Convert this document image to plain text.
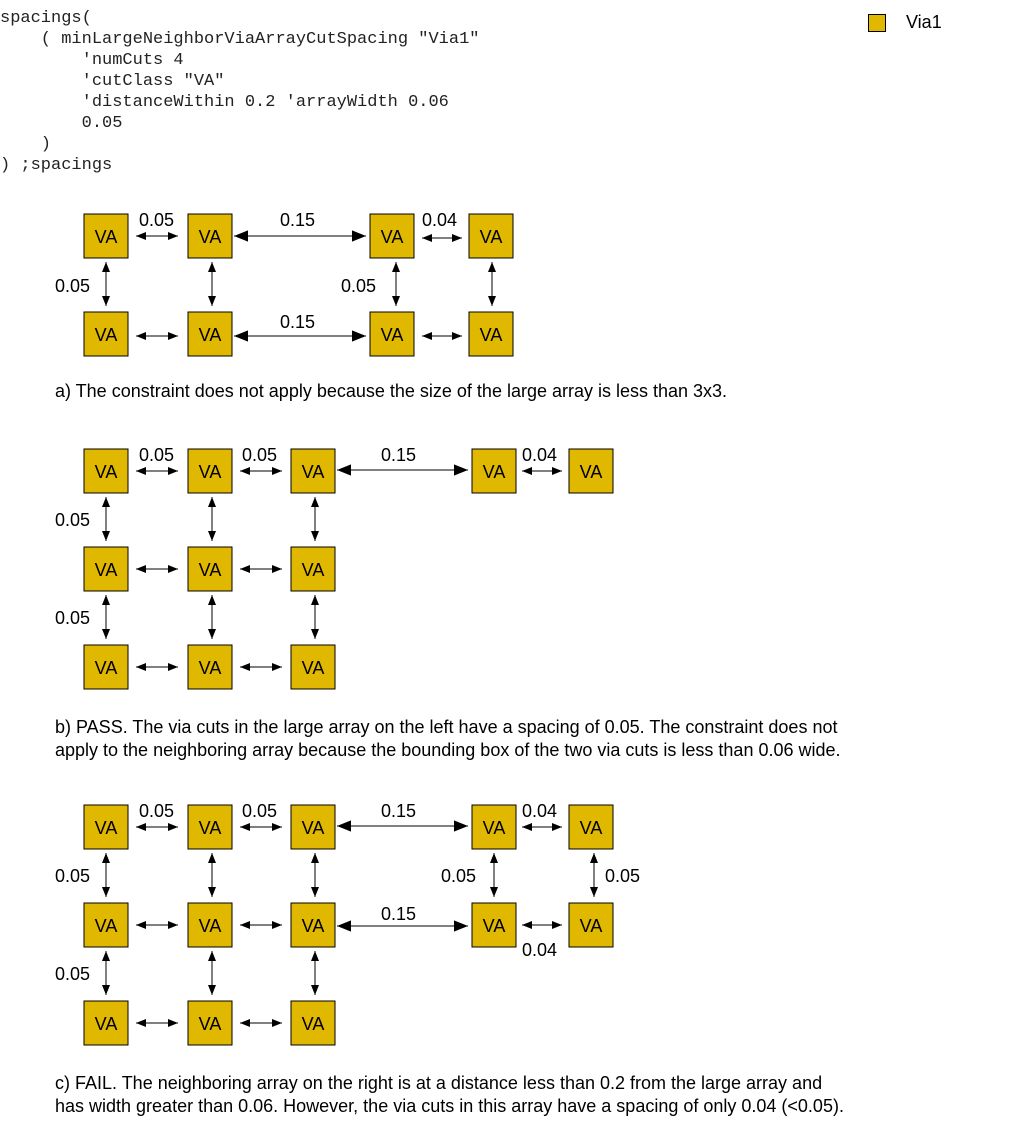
spacings(
( minLargeNeighborViaArrayCutSpacing "Via1"
'numCuts 4
'cutClass "VA"
'distanceWithin 0.2 'arrayWidth 0.06
0.05
)
) ;spacings
Via1
VA	VA	VA	VA
VA	VA	VA	VA
VA	VA	VA	VA	VA
VA	VA	VA
VA	VA	VA
VA	VA	VA	VA	VA
VA	VA	VA	VA	VA
VA	VA	VA
0.05	0.15	0.04
0.05	0.05
0.15
0.05	0.05	0.15	0.04
0.05
0.05
0.05	0.05	0.15	0.04
0.05	0.05	0.05
0.15
0.04
0.05

a) The constraint does not apply because the size of the large array is less than 3x3.

b) PASS. The via cuts in the large array on the left have a spacing of 0.05. The constraint does not
apply to the neighboring array because the bounding box of the two via cuts is less than 0.06 wide.

c) FAIL. The neighboring array on the right is at a distance less than 0.2 from the large array and
has width greater than 0.06. However, the via cuts in this array have a spacing of only 0.04 (<0.05).
